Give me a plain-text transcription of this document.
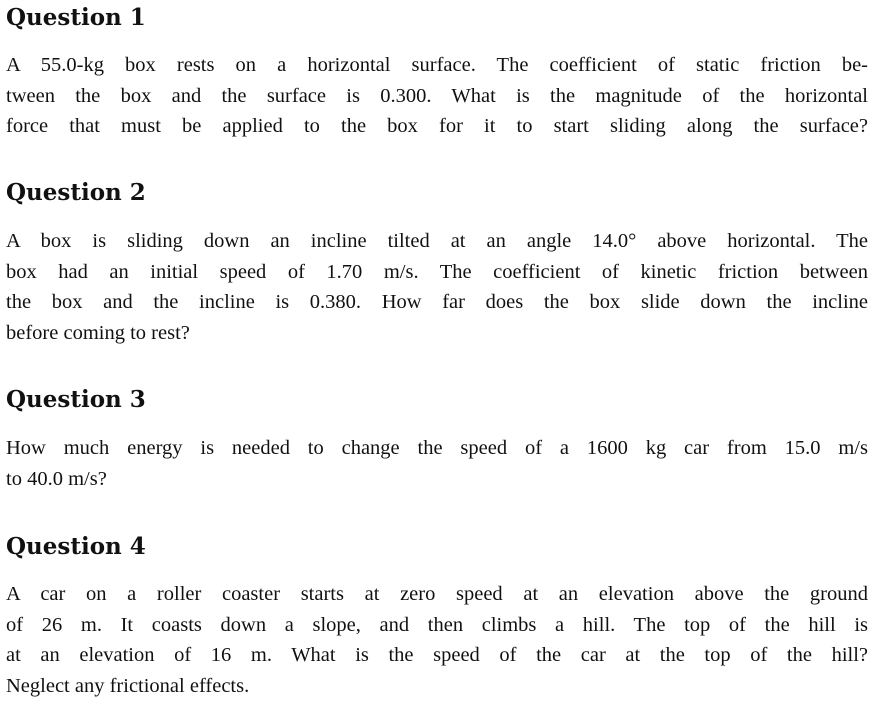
Question 1
A 55.0-kg box rests on a horizontal surface. The coefficient of static friction be-
tween the box and the surface is 0.300. What is the magnitude of the horizontal
force that must be applied to the box for it to start sliding along the surface?
Question 2
A box is sliding down an incline tilted at an angle 14.0° above horizontal. The
box had an initial speed of 1.70 m/s. The coefficient of kinetic friction between
the box and the incline is 0.380. How far does the box slide down the incline
before coming to rest?
Question 3
How much energy is needed to change the speed of a 1600 kg car from 15.0 m/s
to 40.0 m/s?
Question 4
A car on a roller coaster starts at zero speed at an elevation above the ground
of 26 m. It coasts down a slope, and then climbs a hill. The top of the hill is
at an elevation of 16 m. What is the speed of the car at the top of the hill?
Neglect any frictional effects.
